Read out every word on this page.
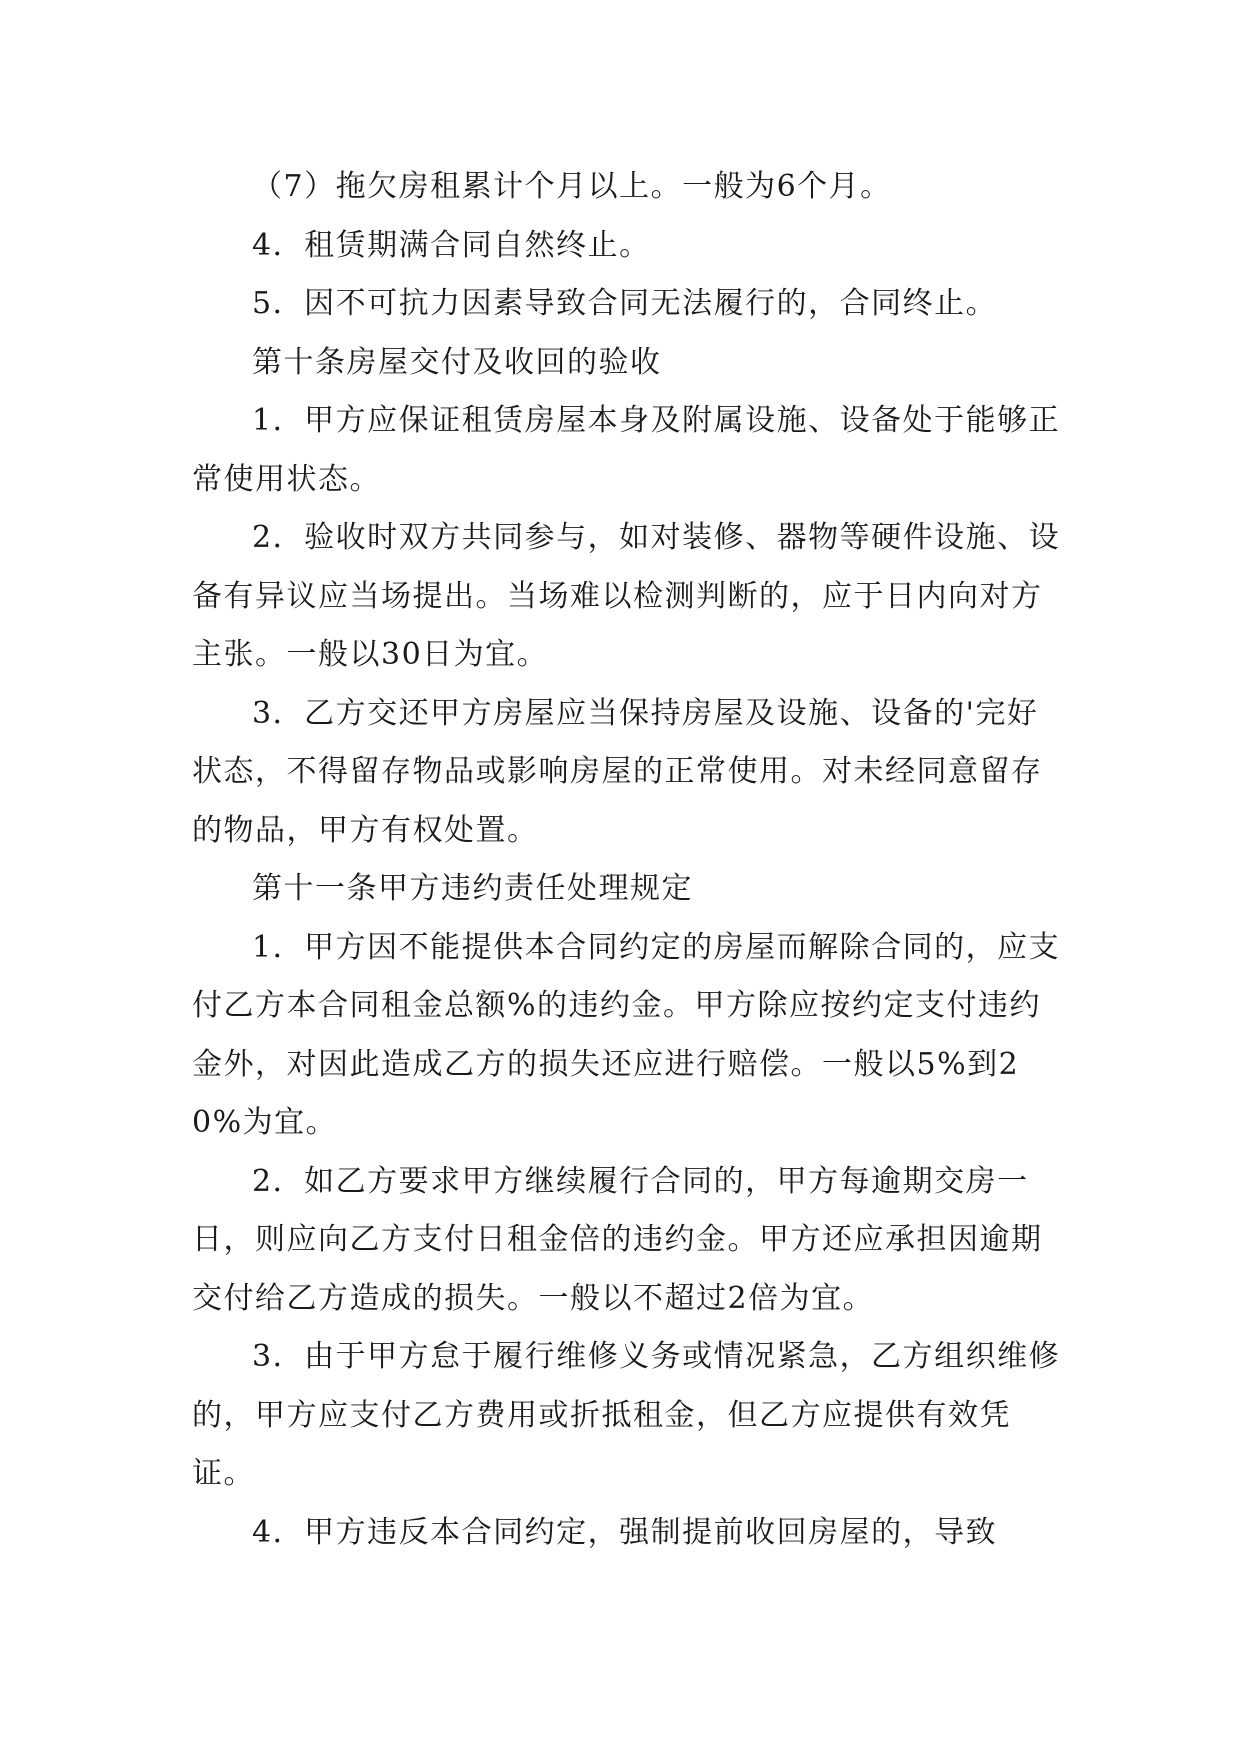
（7）拖欠房租累计个月以上。一般为6个月。

4．租赁期满合同自然终止。

5．因不可抗力因素导致合同无法履行的，合同终止。

第十条房屋交付及收回的验收

1．甲方应保证租赁房屋本身及附属设施、设备处于能够正常使用状态。

2．验收时双方共同参与，如对装修、器物等硬件设施、设备有异议应当场提出。当场难以检测判断的，应于日内向对方主张。一般以30日为宜。

3．乙方交还甲方房屋应当保持房屋及设施、设备的'完好状态，不得留存物品或影响房屋的正常使用。对未经同意留存的物品，甲方有权处置。

第十一条甲方违约责任处理规定

1．甲方因不能提供本合同约定的房屋而解除合同的，应支付乙方本合同租金总额%的违约金。甲方除应按约定支付违约金外，对因此造成乙方的损失还应进行赔偿。一般以5%到20%为宜。

2．如乙方要求甲方继续履行合同的，甲方每逾期交房一日，则应向乙方支付日租金倍的违约金。甲方还应承担因逾期交付给乙方造成的损失。一般以不超过2倍为宜。

3．由于甲方怠于履行维修义务或情况紧急，乙方组织维修的，甲方应支付乙方费用或折抵租金，但乙方应提供有效凭证。

4．甲方违反本合同约定，强制提前收回房屋的，导致
